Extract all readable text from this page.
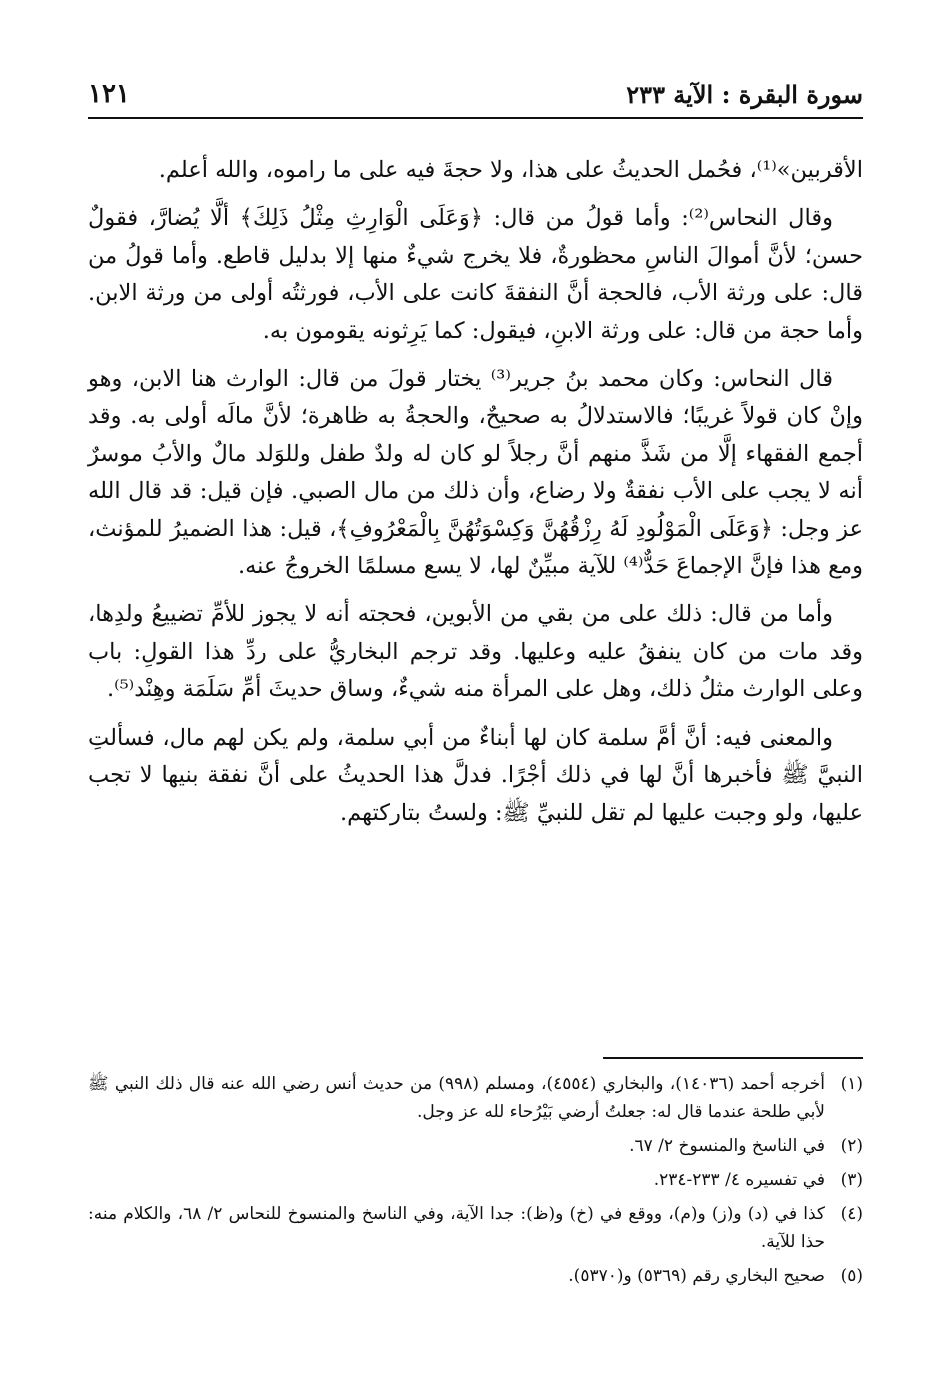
سورة البقرة : الآية ٢٣٣
١٢١

الأقربين»⁽¹⁾، فحُمل الحديثُ على هذا، ولا حجةَ فيه على ما راموه، والله أعلم.

وقال النحاس⁽²⁾: وأما قولُ من قال: ﴿وَعَلَى الْوَارِثِ مِثْلُ ذَلِكَ﴾ ألَّا يُضارَّ، فقولٌ حسن؛ لأنَّ أموالَ الناسِ محظورةٌ، فلا يخرج شيءٌ منها إلا بدليل قاطع. وأما قولُ من قال: على ورثة الأب، فالحجة أنَّ النفقةَ كانت على الأب، فورثتُه أولى من ورثة الابن. وأما حجة من قال: على ورثة الابنِ، فيقول: كما يَرِثونه يقومون به.

قال النحاس: وكان محمد بنُ جرير⁽³⁾ يختار قولَ من قال: الوارث هنا الابن، وهو وإنْ كان قولاً غريبًا؛ فالاستدلالُ به صحيحٌ، والحجةُ به ظاهرة؛ لأنَّ مالَه أولى به. وقد أجمع الفقهاء إلَّا من شَذَّ منهم أنَّ رجلاً لو كان له ولدٌ طفل وللوَلد مالٌ والأبُ موسرٌ أنه لا يجب على الأب نفقةٌ ولا رضاع، وأن ذلك من مال الصبي. فإن قيل: قد قال الله عز وجل: ﴿وَعَلَى الْمَوْلُودِ لَهُ رِزْقُهُنَّ وَكِسْوَتُهُنَّ بِالْمَعْرُوفِ﴾، قيل: هذا الضميرُ للمؤنث، ومع هذا فإنَّ الإجماعَ حَدٌّ⁽⁴⁾ للآية مبيِّنٌ لها، لا يسع مسلمًا الخروجُ عنه.

وأما من قال: ذلك على من بقي من الأبوين، فحجته أنه لا يجوز للأمِّ تضييعُ ولدِها، وقد مات من كان ينفقُ عليه وعليها. وقد ترجم البخاريُّ على ردِّ هذا القولِ: باب وعلى الوارث مثلُ ذلك، وهل على المرأة منه شيءٌ، وساق حديثَ أمِّ سَلَمَة وهِنْد⁽⁵⁾.

والمعنى فيه: أنَّ أمَّ سلمة كان لها أبناءٌ من أبي سلمة، ولم يكن لهم مال، فسألتِ النبيَّ ﷺ فأخبرها أنَّ لها في ذلك أجْرًا. فدلَّ هذا الحديثُ على أنَّ نفقة بنيها لا تجب عليها، ولو وجبت عليها لم تقل للنبيِّ ﷺ: ولستُ بتاركتهم.

(١)
أخرجه أحمد (١٤٠٣٦)، والبخاري (٤٥٥٤)، ومسلم (٩٩٨) من حديث أنس رضي الله عنه قال ذلك النبي ﷺ لأبي طلحة عندما قال له: جعلتُ أرضي بَيْرُحاء لله عز وجل.
(٢)
في الناسخ والمنسوخ ٢/ ٦٧.
(٣)
في تفسيره ٤/ ٢٣٣-٢٣٤.
(٤)
كذا في (د) و(ز) و(م)، ووقع في (خ) و(ظ): جدا الآية، وفي الناسخ والمنسوخ للنحاس ٢/ ٦٨، والكلام منه: حذا للآية.
(٥)
صحيح البخاري رقم (٥٣٦٩) و(٥٣٧٠).
